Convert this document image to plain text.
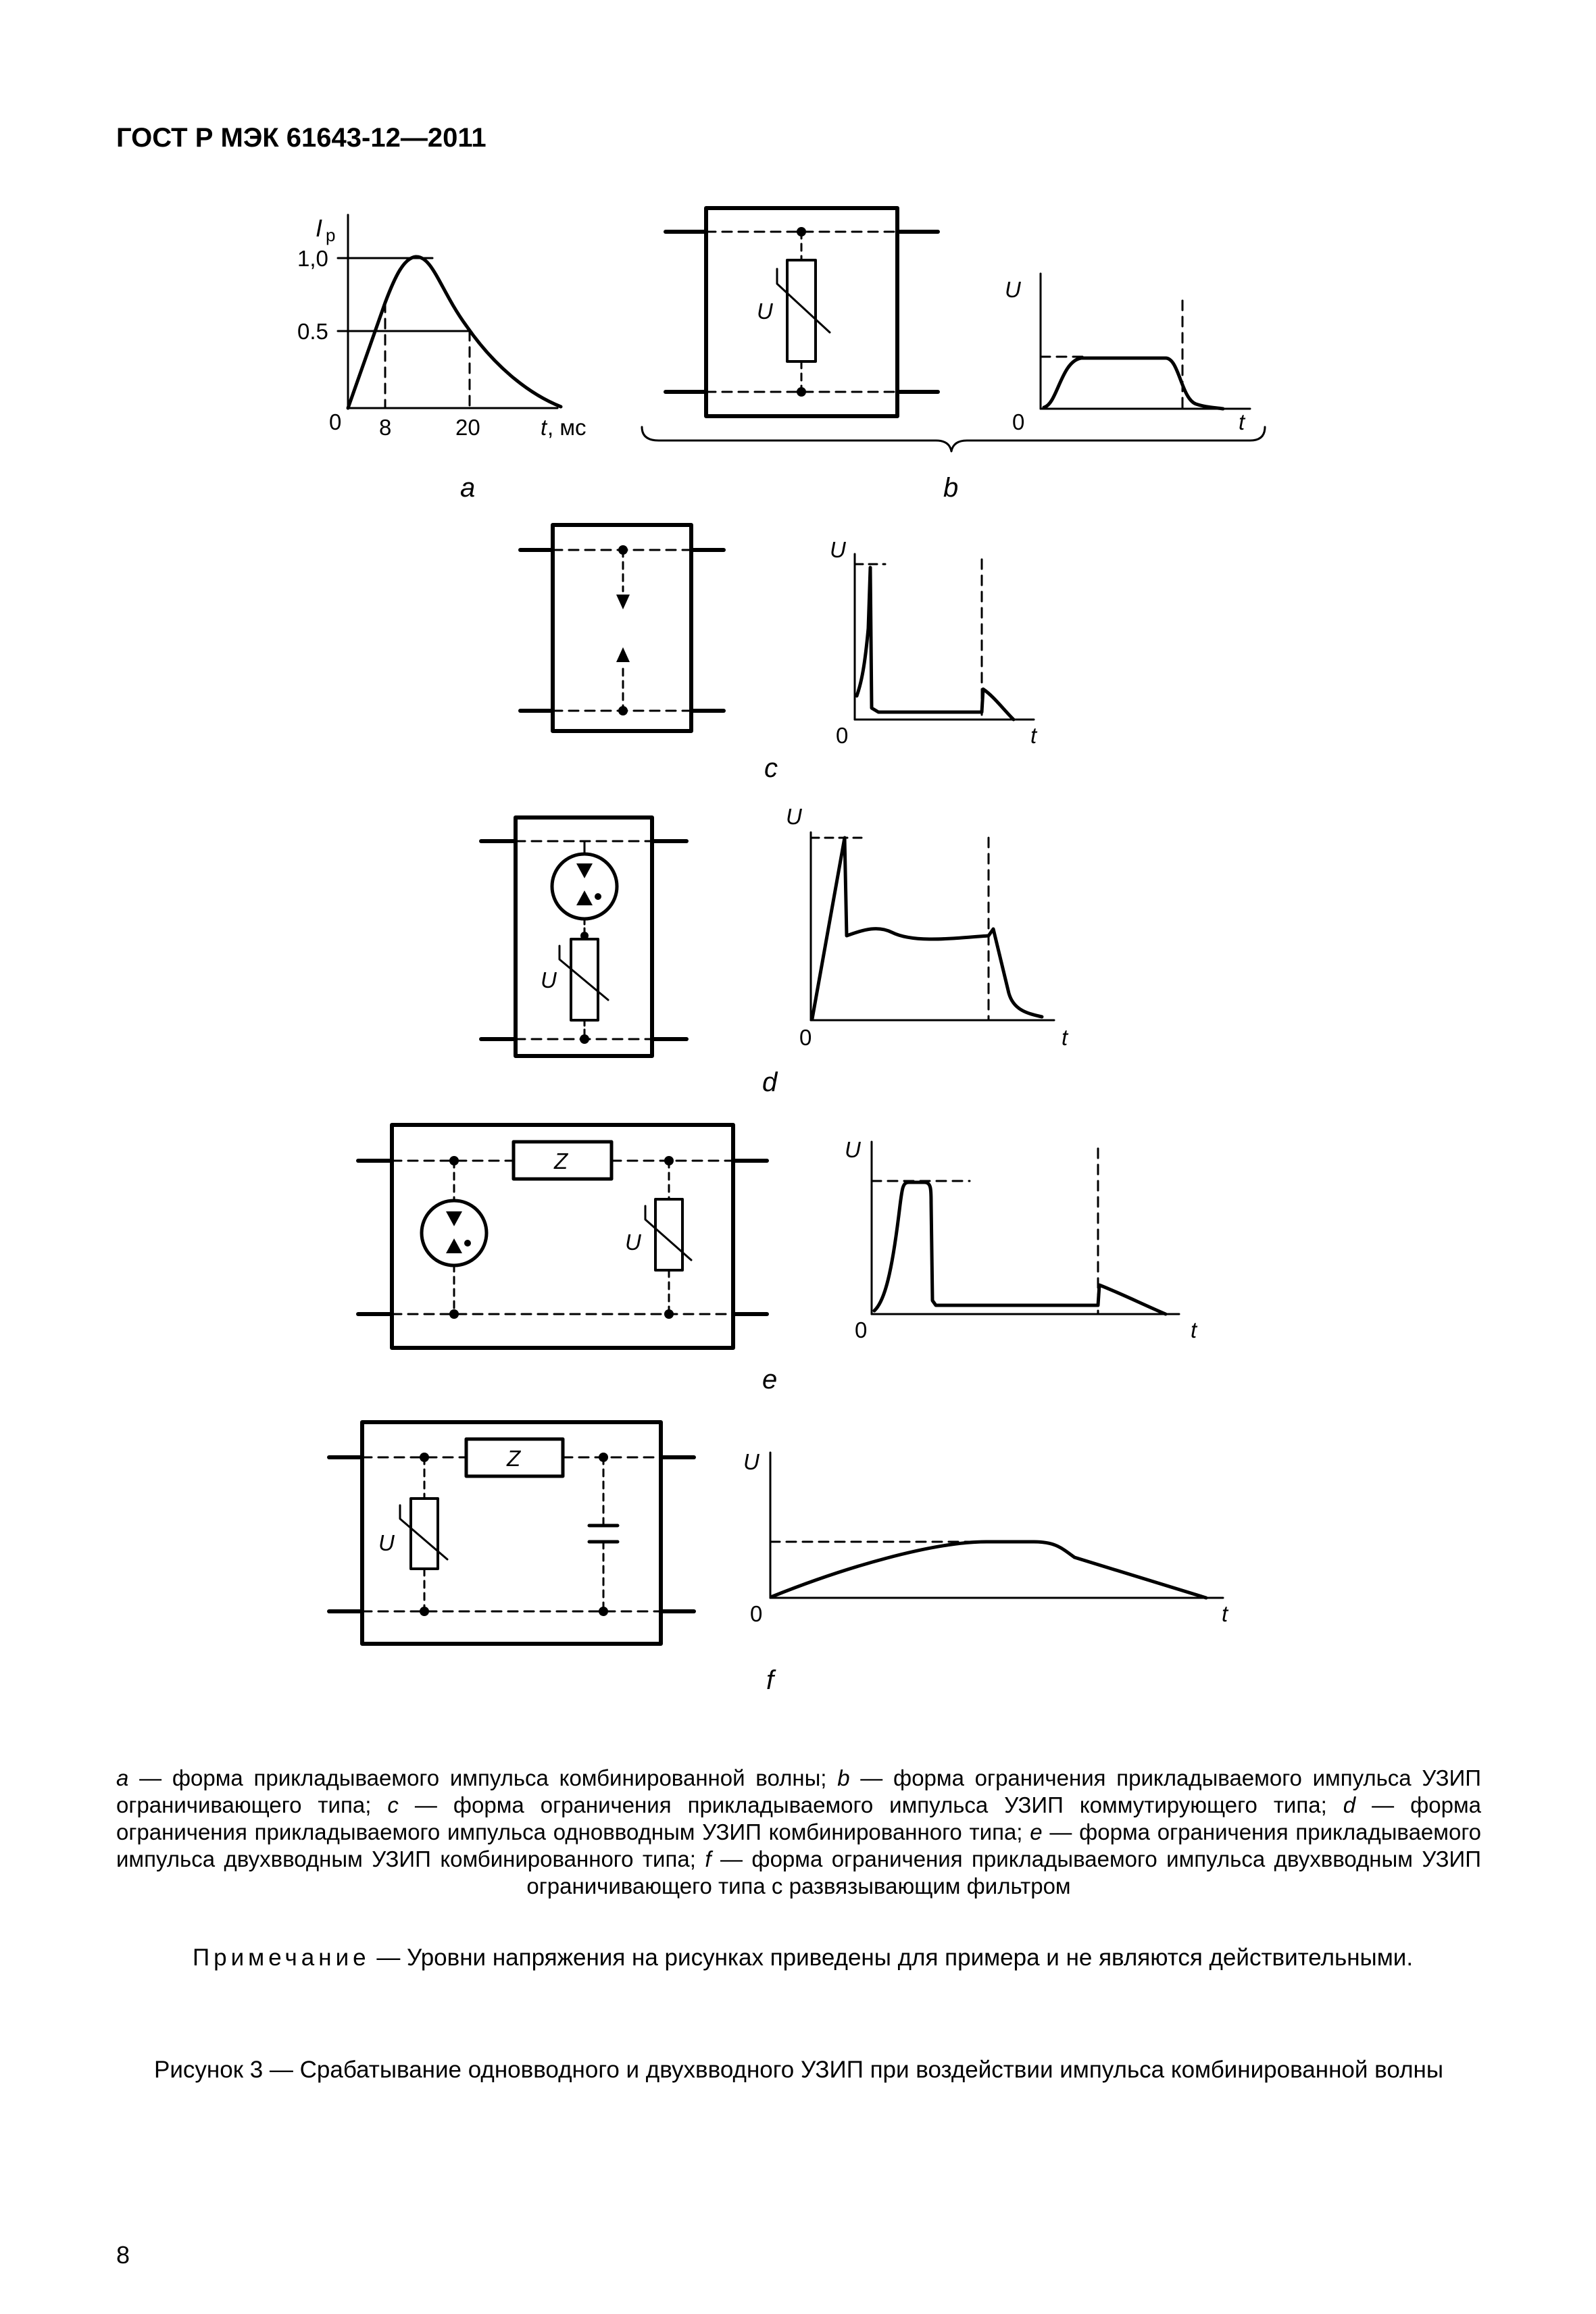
ГОСТ Р МЭК 61643-12—2011
I p
1,0
0.5
0 8	20	t , мс
a
U
U
0	t
b
U
0	t
c
U
U
0	t
d
Z
U
U
0	t
e
Z
U
U
0	t
f
a — форма прикладываемого импульса комбинированной волны; b — форма ограничения прикладываемого импульса УЗИП ограничивающего типа; c — форма ограничения прикладываемого импульса УЗИП коммутирующего типа; d — форма ограничения прикладываемого импульса одновводным УЗИП комбинированного типа; e — форма ограничения прикладываемого импульса двухвводным УЗИП комбинированного типа; f — форма ограничения прикладываемого импульса двухвводным УЗИП ограничивающего типа с развязывающим фильтром
Примечание — Уровни напряжения на рисунках приведены для примера и не являются действительными.
Рисунок 3 — Срабатывание одновводного и двухвводного УЗИП при воздействии импульса комбинированной волны
8
